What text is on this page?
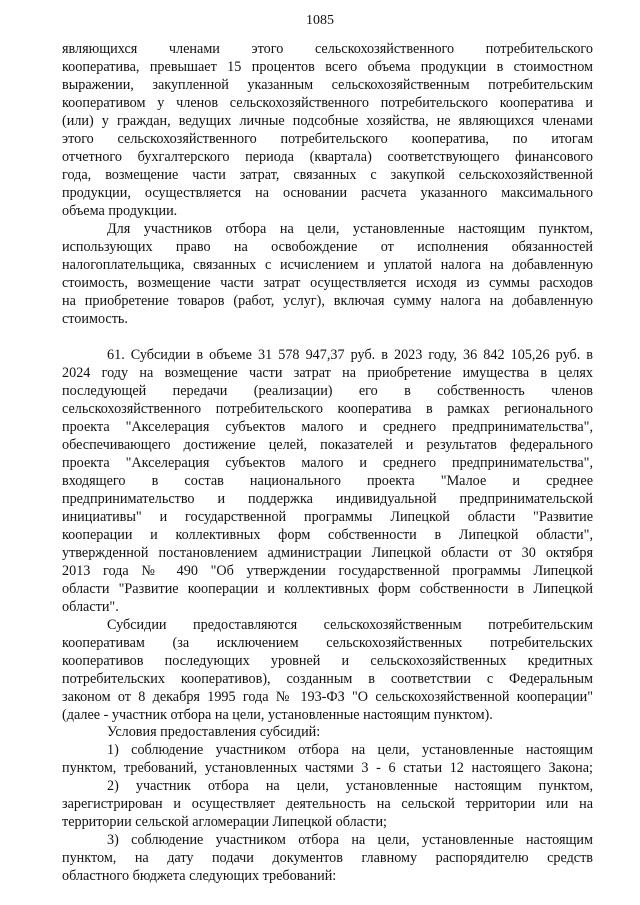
1085
являющихся членами этого сельскохозяйственного потребительского
кооператива, превышает 15 процентов всего объема продукции в стоимостном
выражении, закупленной указанным сельскохозяйственным потребительским
кооперативом у членов сельскохозяйственного потребительского кооператива и
(или) у граждан, ведущих личные подсобные хозяйства, не являющихся членами
этого сельскохозяйственного потребительского кооператива, по итогам
отчетного бухгалтерского периода (квартала) соответствующего финансового
года, возмещение части затрат, связанных с закупкой сельскохозяйственной
продукции, осуществляется на основании расчета указанного максимального
объема продукции.
Для участников отбора на цели, установленные настоящим пунктом,
использующих право на освобождение от исполнения обязанностей
налогоплательщика, связанных с исчислением и уплатой налога на добавленную
стоимость, возмещение части затрат осуществляется исходя из суммы расходов
на приобретение товаров (работ, услуг), включая сумму налога на добавленную
стоимость.
61. Субсидии в объеме 31 578 947,37 руб. в 2023 году, 36 842 105,26 руб. в
2024 году на возмещение части затрат на приобретение имущества в целях
последующей передачи (реализации) его в собственность членов
сельскохозяйственного потребительского кооператива в рамках регионального
проекта "Акселерация субъектов малого и среднего предпринимательства",
обеспечивающего достижение целей, показателей и результатов федерального
проекта "Акселерация субъектов малого и среднего предпринимательства",
входящего в состав национального проекта "Малое и среднее
предпринимательство и поддержка индивидуальной предпринимательской
инициативы" и государственной программы Липецкой области "Развитие
кооперации и коллективных форм собственности в Липецкой области",
утвержденной постановлением администрации Липецкой области от 30 октября
2013 года № 490 "Об утверждении государственной программы Липецкой
области "Развитие кооперации и коллективных форм собственности в Липецкой
области".
Субсидии предоставляются сельскохозяйственным потребительским
кооперативам (за исключением сельскохозяйственных потребительских
кооперативов последующих уровней и сельскохозяйственных кредитных
потребительских кооперативов), созданным в соответствии с Федеральным
законом от 8 декабря 1995 года № 193-ФЗ "О сельскохозяйственной кооперации"
(далее - участник отбора на цели, установленные настоящим пунктом).
Условия предоставления субсидий:
1) соблюдение участником отбора на цели, установленные настоящим
пунктом, требований, установленных частями 3 - 6 статьи 12 настоящего Закона;
2) участник отбора на цели, установленные настоящим пунктом,
зарегистрирован и осуществляет деятельность на сельской территории или на
территории сельской агломерации Липецкой области;
3) соблюдение участником отбора на цели, установленные настоящим
пунктом, на дату подачи документов главному распорядителю средств
областного бюджета следующих требований:
